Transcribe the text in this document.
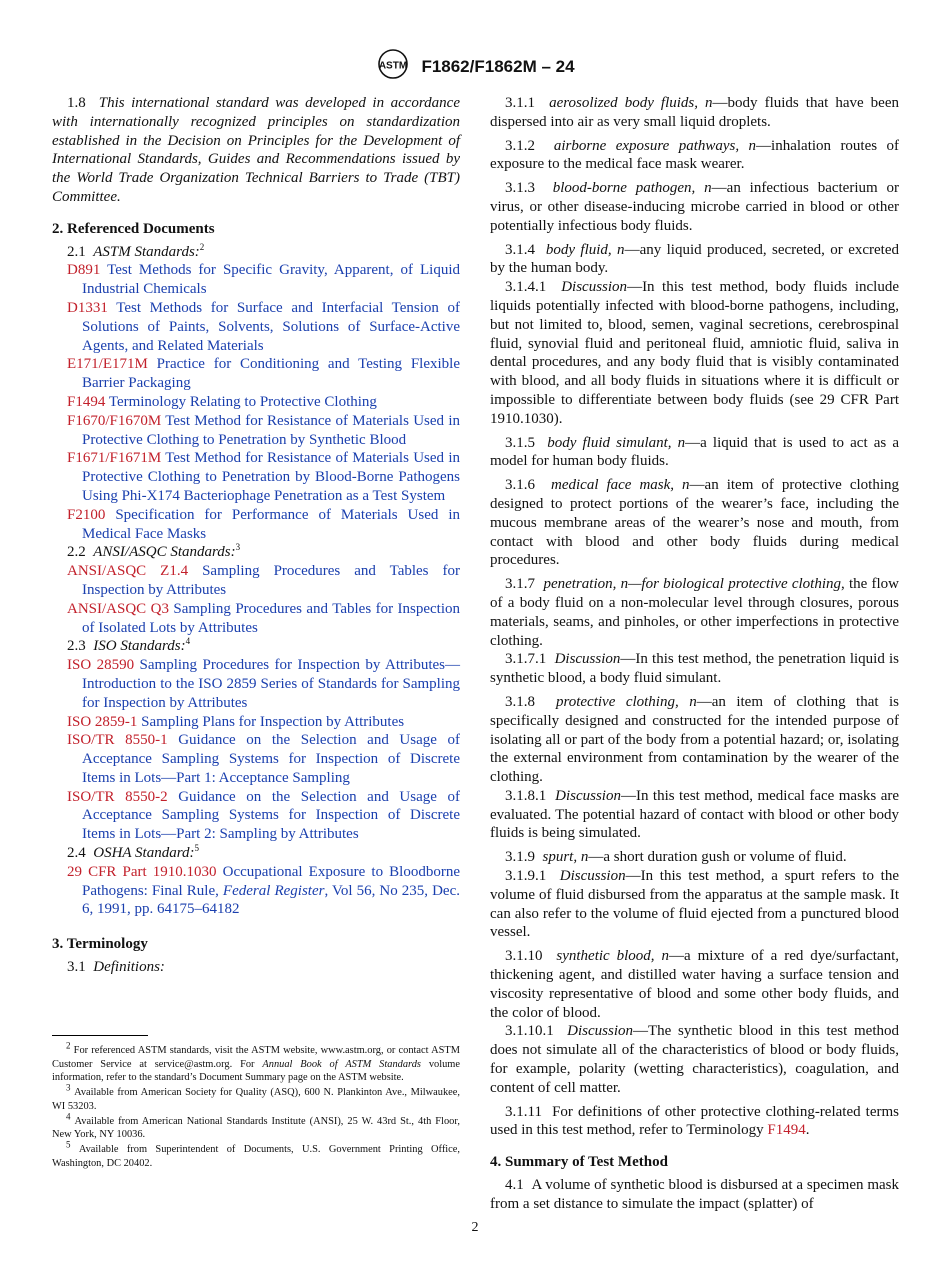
ASTM F1862/F1862M – 24

1.8 This international standard was developed in accordance with internationally recognized principles on standardization established in the Decision on Principles for the Development of International Standards, Guides and Recommendations issued by the World Trade Organization Technical Barriers to Trade (TBT) Committee.

2. Referenced Documents

2.1 ASTM Standards:$^2$

D891 Test Methods for Specific Gravity, Apparent, of Liquid Industrial Chemicals

D1331 Test Methods for Surface and Interfacial Tension of Solutions of Paints, Solvents, Solutions of Surface-Active Agents, and Related Materials

E171/E171M Practice for Conditioning and Testing Flexible Barrier Packaging

F1494 Terminology Relating to Protective Clothing

F1670/F1670M Test Method for Resistance of Materials Used in Protective Clothing to Penetration by Synthetic Blood

F1671/F1671M Test Method for Resistance of Materials Used in Protective Clothing to Penetration by Blood-Borne Pathogens Using Phi-X174 Bacteriophage Penetration as a Test System

F2100 Specification for Performance of Materials Used in Medical Face Masks

2.2 ANSI/ASQC Standards:$^3$

ANSI/ASQC Z1.4 Sampling Procedures and Tables for Inspection by Attributes

ANSI/ASQC Q3 Sampling Procedures and Tables for Inspection of Isolated Lots by Attributes

2.3 ISO Standards:$^4$

ISO 28590 Sampling Procedures for Inspection by Attributes—Introduction to the ISO 2859 Series of Standards for Sampling for Inspection by Attributes

ISO 2859-1 Sampling Plans for Inspection by Attributes

ISO/TR 8550-1 Guidance on the Selection and Usage of Acceptance Sampling Systems for Inspection of Discrete Items in Lots—Part 1: Acceptance Sampling

ISO/TR 8550-2 Guidance on the Selection and Usage of Acceptance Sampling Systems for Inspection of Discrete Items in Lots—Part 2: Sampling by Attributes

2.4 OSHA Standard:$^5$

29 CFR Part 1910.1030 Occupational Exposure to Bloodborne Pathogens: Final Rule, Federal Register, Vol 56, No 235, Dec. 6, 1991, pp. 64175–64182

3. Terminology

3.1 Definitions:

$^2$ For referenced ASTM standards, visit the ASTM website, www.astm.org, or contact ASTM Customer Service at service@astm.org. For Annual Book of ASTM Standards volume information, refer to the standard’s Document Summary page on the ASTM website.

$^3$ Available from American Society for Quality (ASQ), 600 N. Plankinton Ave., Milwaukee, WI 53203.

$^4$ Available from American National Standards Institute (ANSI), 25 W. 43rd St., 4th Floor, New York, NY 10036.

$^5$ Available from Superintendent of Documents, U.S. Government Printing Office, Washington, DC 20402.

3.1.1 aerosolized body fluids, n—body fluids that have been dispersed into air as very small liquid droplets.

3.1.2 airborne exposure pathways, n—inhalation routes of exposure to the medical face mask wearer.

3.1.3 blood-borne pathogen, n—an infectious bacterium or virus, or other disease-inducing microbe carried in blood or other potentially infectious body fluids.

3.1.4 body fluid, n—any liquid produced, secreted, or excreted by the human body.

3.1.4.1 Discussion—In this test method, body fluids include liquids potentially infected with blood-borne pathogens, including, but not limited to, blood, semen, vaginal secretions, cerebrospinal fluid, synovial fluid and peritoneal fluid, amniotic fluid, saliva in dental procedures, and any body fluid that is visibly contaminated with blood, and all body fluids in situations where it is difficult or impossible to differentiate between body fluids (see 29 CFR Part 1910.1030).

3.1.5 body fluid simulant, n—a liquid that is used to act as a model for human body fluids.

3.1.6 medical face mask, n—an item of protective clothing designed to protect portions of the wearer’s face, including the mucous membrane areas of the wearer’s nose and mouth, from contact with blood and other body fluids during medical procedures.

3.1.7 penetration, n—for biological protective clothing, the flow of a body fluid on a non-molecular level through closures, porous materials, seams, and pinholes, or other imperfections in protective clothing.

3.1.7.1 Discussion—In this test method, the penetration liquid is synthetic blood, a body fluid simulant.

3.1.8 protective clothing, n—an item of clothing that is specifically designed and constructed for the intended purpose of isolating all or part of the body from a potential hazard; or, isolating the external environment from contamination by the wearer of the clothing.

3.1.8.1 Discussion—In this test method, medical face masks are evaluated. The potential hazard of contact with blood or other body fluids is being simulated.

3.1.9 spurt, n—a short duration gush or volume of fluid.

3.1.9.1 Discussion—In this test method, a spurt refers to the volume of fluid disbursed from the apparatus at the sample mask. It can also refer to the volume of fluid ejected from a punctured blood vessel.

3.1.10 synthetic blood, n—a mixture of a red dye/surfactant, thickening agent, and distilled water having a surface tension and viscosity representative of blood and some other body fluids, and the color of blood.

3.1.10.1 Discussion—The synthetic blood in this test method does not simulate all of the characteristics of blood or body fluids, for example, polarity (wetting characteristics), coagulation, and content of cell matter.

3.1.11 For definitions of other protective clothing-related terms used in this test method, refer to Terminology F1494.

4. Summary of Test Method

4.1 A volume of synthetic blood is disbursed at a specimen mask from a set distance to simulate the impact (splatter) of

2
